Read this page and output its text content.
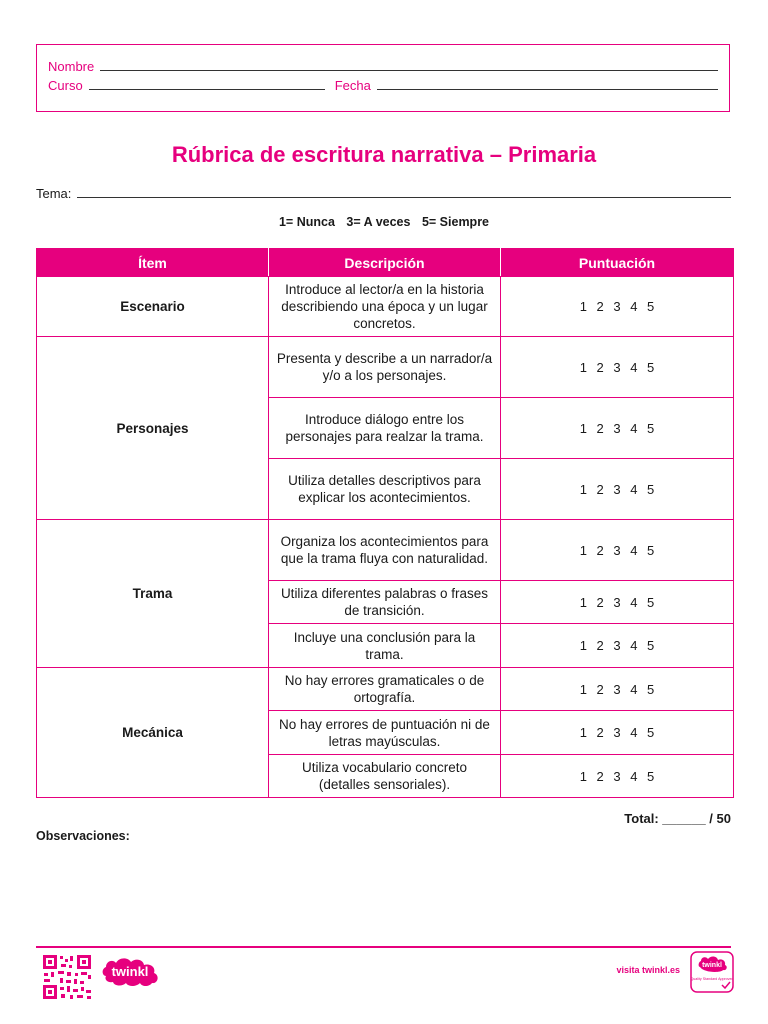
Nombre
Curso	Fecha
Rúbrica de escritura narrativa – Primaria
Tema:
1= Nunca 3= A veces 5= Siempre
Ítem	Descripción	Puntuación
Escenario	Introduce al lector/a en la historia describiendo una época y un lugar concretos.	1 2 3 4 5
Personajes	Presenta y describe a un narrador/a y/o a los personajes.	1 2 3 4 5
	Introduce diálogo entre los personajes para realzar la trama.	1 2 3 4 5
	Utiliza detalles descriptivos para explicar los acontecimientos.	1 2 3 4 5
Trama	Organiza los acontecimientos para que la trama fluya con naturalidad.	1 2 3 4 5
	Utiliza diferentes palabras o frases de transición.	1 2 3 4 5
	Incluye una conclusión para la trama.	1 2 3 4 5
Mecánica	No hay errores gramaticales o de ortografía.	1 2 3 4 5
	No hay errores de puntuación ni de letras mayúsculas.	1 2 3 4 5
	Utiliza vocabulario concreto (detalles sensoriales).	1 2 3 4 5
Total: ______ / 50
Observaciones:
twinkl	visita twinkl.es	twinkl
Quality Standard Approved
